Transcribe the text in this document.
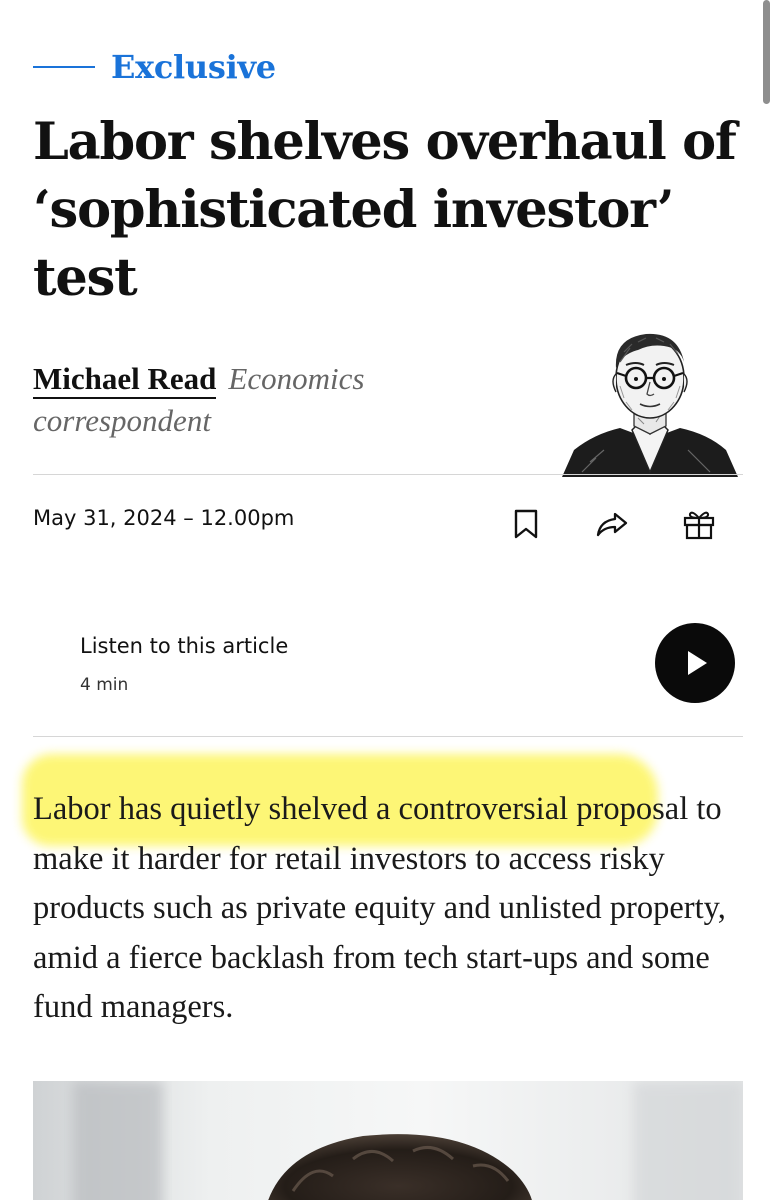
Exclusive
Labor shelves overhaul of ‘sophisticated investor’ test
Michael Read Economics correspondent
May 31, 2024 – 12.00pm
Listen to this article
4 min

Labor has quietly shelved a controversial proposal to make it harder for retail investors to access risky products such as private equity and unlisted property, amid a fierce backlash from tech start-ups and some fund managers.
